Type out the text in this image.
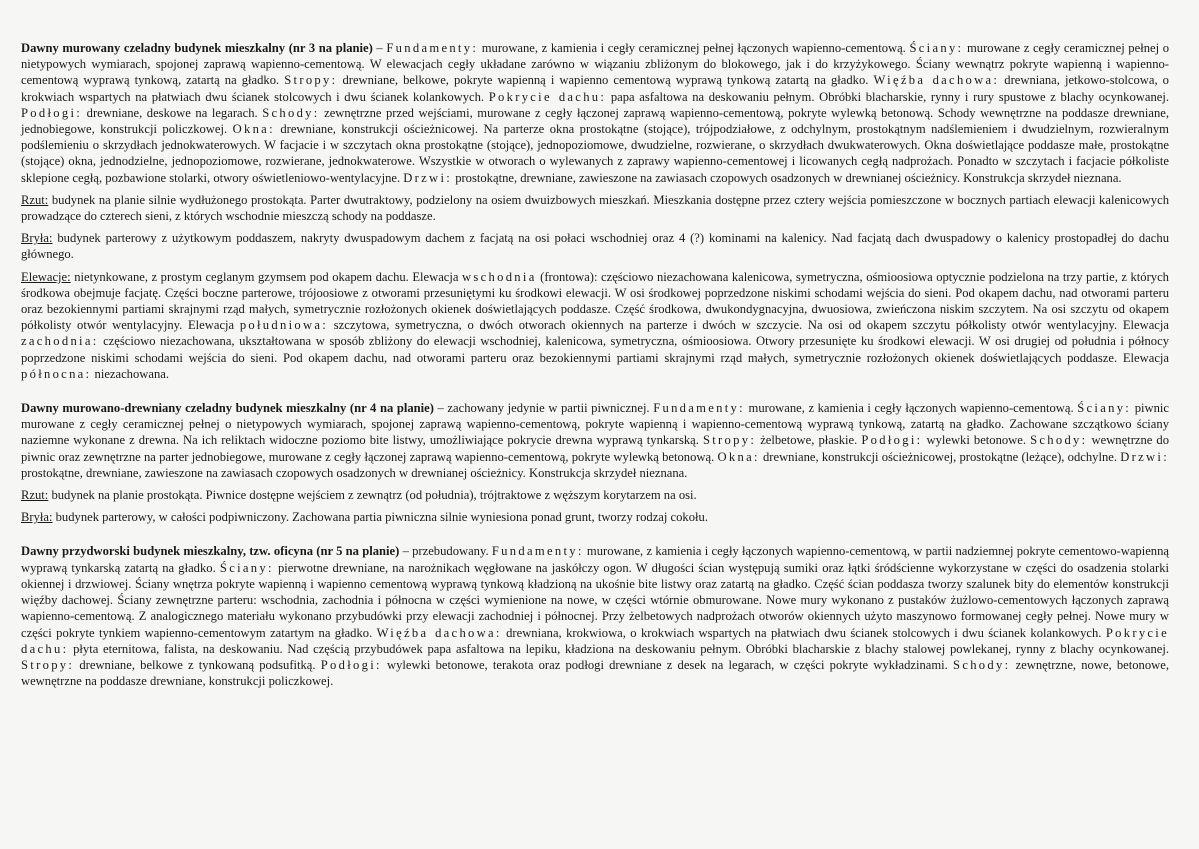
Dawny murowany czeladny budynek mieszkalny (nr 3 na planie) – Fundamenty: murowane, z kamienia i cegły ceramicznej pełnej łączonych wapienno-cementową. Ściany: murowane z cegły ceramicznej pełnej o nietypowych wymiarach, spojonej zaprawą wapienno-cementową. W elewacjach cegły układane zarówno w wiązaniu zbliżonym do blokowego, jak i do krzyżykowego. Ściany wewnątrz pokryte wapienną i wapienno-cementową wyprawą tynkową, zatartą na gładko. Stropy: drewniane, belkowe, pokryte wapienną i wapienno cementową wyprawą tynkową zatartą na gładko. Więźba dachowa: drewniana, jetkowo-stolcowa, o krokwiach wspartych na płatwiach dwu ścianek stolcowych i dwu ścianek kolankowych. Pokrycie dachu: papa asfaltowa na deskowaniu pełnym. Obróbki blacharskie, rynny i rury spustowe z blachy ocynkowanej. Podłogi: drewniane, deskowe na legarach. Schody: zewnętrzne przed wejściami, murowane z cegły łączonej zaprawą wapienno-cementową, pokryte wylewką betonową. Schody wewnętrzne na poddasze drewniane, jednobiegowe, konstrukcji policzkowej. Okna: drewniane, konstrukcji ościeżnicowej. Na parterze okna prostokątne (stojące), trójpodziałowe, z odchylnym, prostokątnym nadślemieniem i dwudzielnym, rozwieralnym podślemieniu o skrzydłach jednokwaterowych. W facjacie i w szczytach okna prostokątne (stojące), jednopoziomowe, dwudzielne, rozwierane, o skrzydłach dwukwaterowych. Okna doświetlające poddasze małe, prostokątne (stojące) okna, jednodzielne, jednopoziomowe, rozwierane, jednokwaterowe. Wszystkie w otworach o wylewanych z zaprawy wapienno-cementowej i licowanych cegłą nadprożach. Ponadto w szczytach i facjacie półkoliste sklepione cegłą, pozbawione stolarki, otwory oświetleniowo-wentylacyjne. Drzwi: prostokątne, drewniane, zawieszone na zawiasach czopowych osadzonych w drewnianej ościeżnicy. Konstrukcja skrzydeł nieznana.

Rzut: budynek na planie silnie wydłużonego prostokąta. Parter dwutraktowy, podzielony na osiem dwuizbowych mieszkań. Mieszkania dostępne przez cztery wejścia pomieszczone w bocznych partiach elewacji kalenicowych prowadzące do czterech sieni, z których wschodnie mieszczą schody na poddasze.

Bryła: budynek parterowy z użytkowym poddaszem, nakryty dwuspadowym dachem z facjatą na osi połaci wschodniej oraz 4 (?) kominami na kalenicy. Nad facjatą dach dwuspadowy o kalenicy prostopadłej do dachu głównego.

Elewacje: nietynkowane, z prostym ceglanym gzymsem pod okapem dachu. Elewacja wschodnia (frontowa): częściowo niezachowana kalenicowa, symetryczna, ośmioosiowa optycznie podzielona na trzy partie, z których środkowa obejmuje facjatę. Części boczne parterowe, trójoosiowe z otworami przesuniętymi ku środkowi elewacji. W osi środkowej poprzedzone niskimi schodami wejścia do sieni. Pod okapem dachu, nad otworami parteru oraz bezokiennymi partiami skrajnymi rząd małych, symetrycznie rozłożonych okienek doświetlających poddasze. Część środkowa, dwukondygnacyjna, dwuosiowa, zwieńczona niskim szczytem. Na osi szczytu od okapem półkolisty otwór wentylacyjny. Elewacja południowa: szczytowa, symetryczna, o dwóch otworach okiennych na parterze i dwóch w szczycie. Na osi od okapem szczytu półkolisty otwór wentylacyjny. Elewacja zachodnia: częściowo niezachowana, ukształtowana w sposób zbliżony do elewacji wschodniej, kalenicowa, symetryczna, ośmioosiowa. Otwory przesunięte ku środkowi elewacji. W osi drugiej od południa i północy poprzedzone niskimi schodami wejścia do sieni. Pod okapem dachu, nad otworami parteru oraz bezokiennymi partiami skrajnymi rząd małych, symetrycznie rozłożonych okienek doświetlających poddasze. Elewacja północna: niezachowana.

Dawny murowano-drewniany czeladny budynek mieszkalny (nr 4 na planie) – zachowany jedynie w partii piwnicznej. Fundamenty: murowane, z kamienia i cegły łączonych wapienno-cementową. Ściany: piwnic murowane z cegły ceramicznej pełnej o nietypowych wymiarach, spojonej zaprawą wapienno-cementową, pokryte wapienną i wapienno-cementową wyprawą tynkową, zatartą na gładko. Zachowane szczątkowo ściany naziemne wykonane z drewna. Na ich reliktach widoczne poziomo bite listwy, umożliwiające pokrycie drewna wyprawą tynkarską. Stropy: żelbetowe, płaskie. Podłogi: wylewki betonowe. Schody: wewnętrzne do piwnic oraz zewnętrzne na parter jednobiegowe, murowane z cegły łączonej zaprawą wapienno-cementową, pokryte wylewką betonową. Okna: drewniane, konstrukcji ościeżnicowej, prostokątne (leżące), odchylne. Drzwi: prostokątne, drewniane, zawieszone na zawiasach czopowych osadzonych w drewnianej ościeżnicy. Konstrukcja skrzydeł nieznana.

Rzut: budynek na planie prostokąta. Piwnice dostępne wejściem z zewnątrz (od południa), trójtraktowe z węższym korytarzem na osi.

Bryła: budynek parterowy, w całości podpiwniczony. Zachowana partia piwniczna silnie wyniesiona ponad grunt, tworzy rodzaj cokołu.

Dawny przydworski budynek mieszkalny, tzw. oficyna (nr 5 na planie) – przebudowany. Fundamenty: murowane, z kamienia i cegły łączonych wapienno-cementową, w partii nadziemnej pokryte cementowo-wapienną wyprawą tynkarską zatartą na gładko. Ściany: pierwotne drewniane, na narożnikach węgłowane na jaskółczy ogon. W długości ścian występują sumiki oraz łątki śródścienne wykorzystane w części do osadzenia stolarki okiennej i drzwiowej. Ściany wnętrza pokryte wapienną i wapienno cementową wyprawą tynkową kładzioną na ukośnie bite listwy oraz zatartą na gładko. Część ścian poddasza tworzy szalunek bity do elementów konstrukcji więźby dachowej. Ściany zewnętrzne parteru: wschodnia, zachodnia i północna w części wymienione na nowe, w części wtórnie obmurowane. Nowe mury wykonano z pustaków żużlowo-cementowych łączonych zaprawą wapienno-cementową. Z analogicznego materiału wykonano przybudówki przy elewacji zachodniej i północnej. Przy żelbetowych nadprożach otworów okiennych użyto maszynowo formowanej cegły pełnej. Nowe mury w części pokryte tynkiem wapienno-cementowym zatartym na gładko. Więźba dachowa: drewniana, krokwiowa, o krokwiach wspartych na płatwiach dwu ścianek stolcowych i dwu ścianek kolankowych. Pokrycie dachu: płyta eternitowa, falista, na deskowaniu. Nad częścią przybudówek papa asfaltowa na lepiku, kładziona na deskowaniu pełnym. Obróbki blacharskie z blachy stalowej powlekanej, rynny z blachy ocynkowanej. Stropy: drewniane, belkowe z tynkowaną podsufitką. Podłogi: wylewki betonowe, terakota oraz podłogi drewniane z desek na legarach, w części pokryte wykładzinami. Schody: zewnętrzne, nowe, betonowe, wewnętrzne na poddasze drewniane, konstrukcji policzkowej.
